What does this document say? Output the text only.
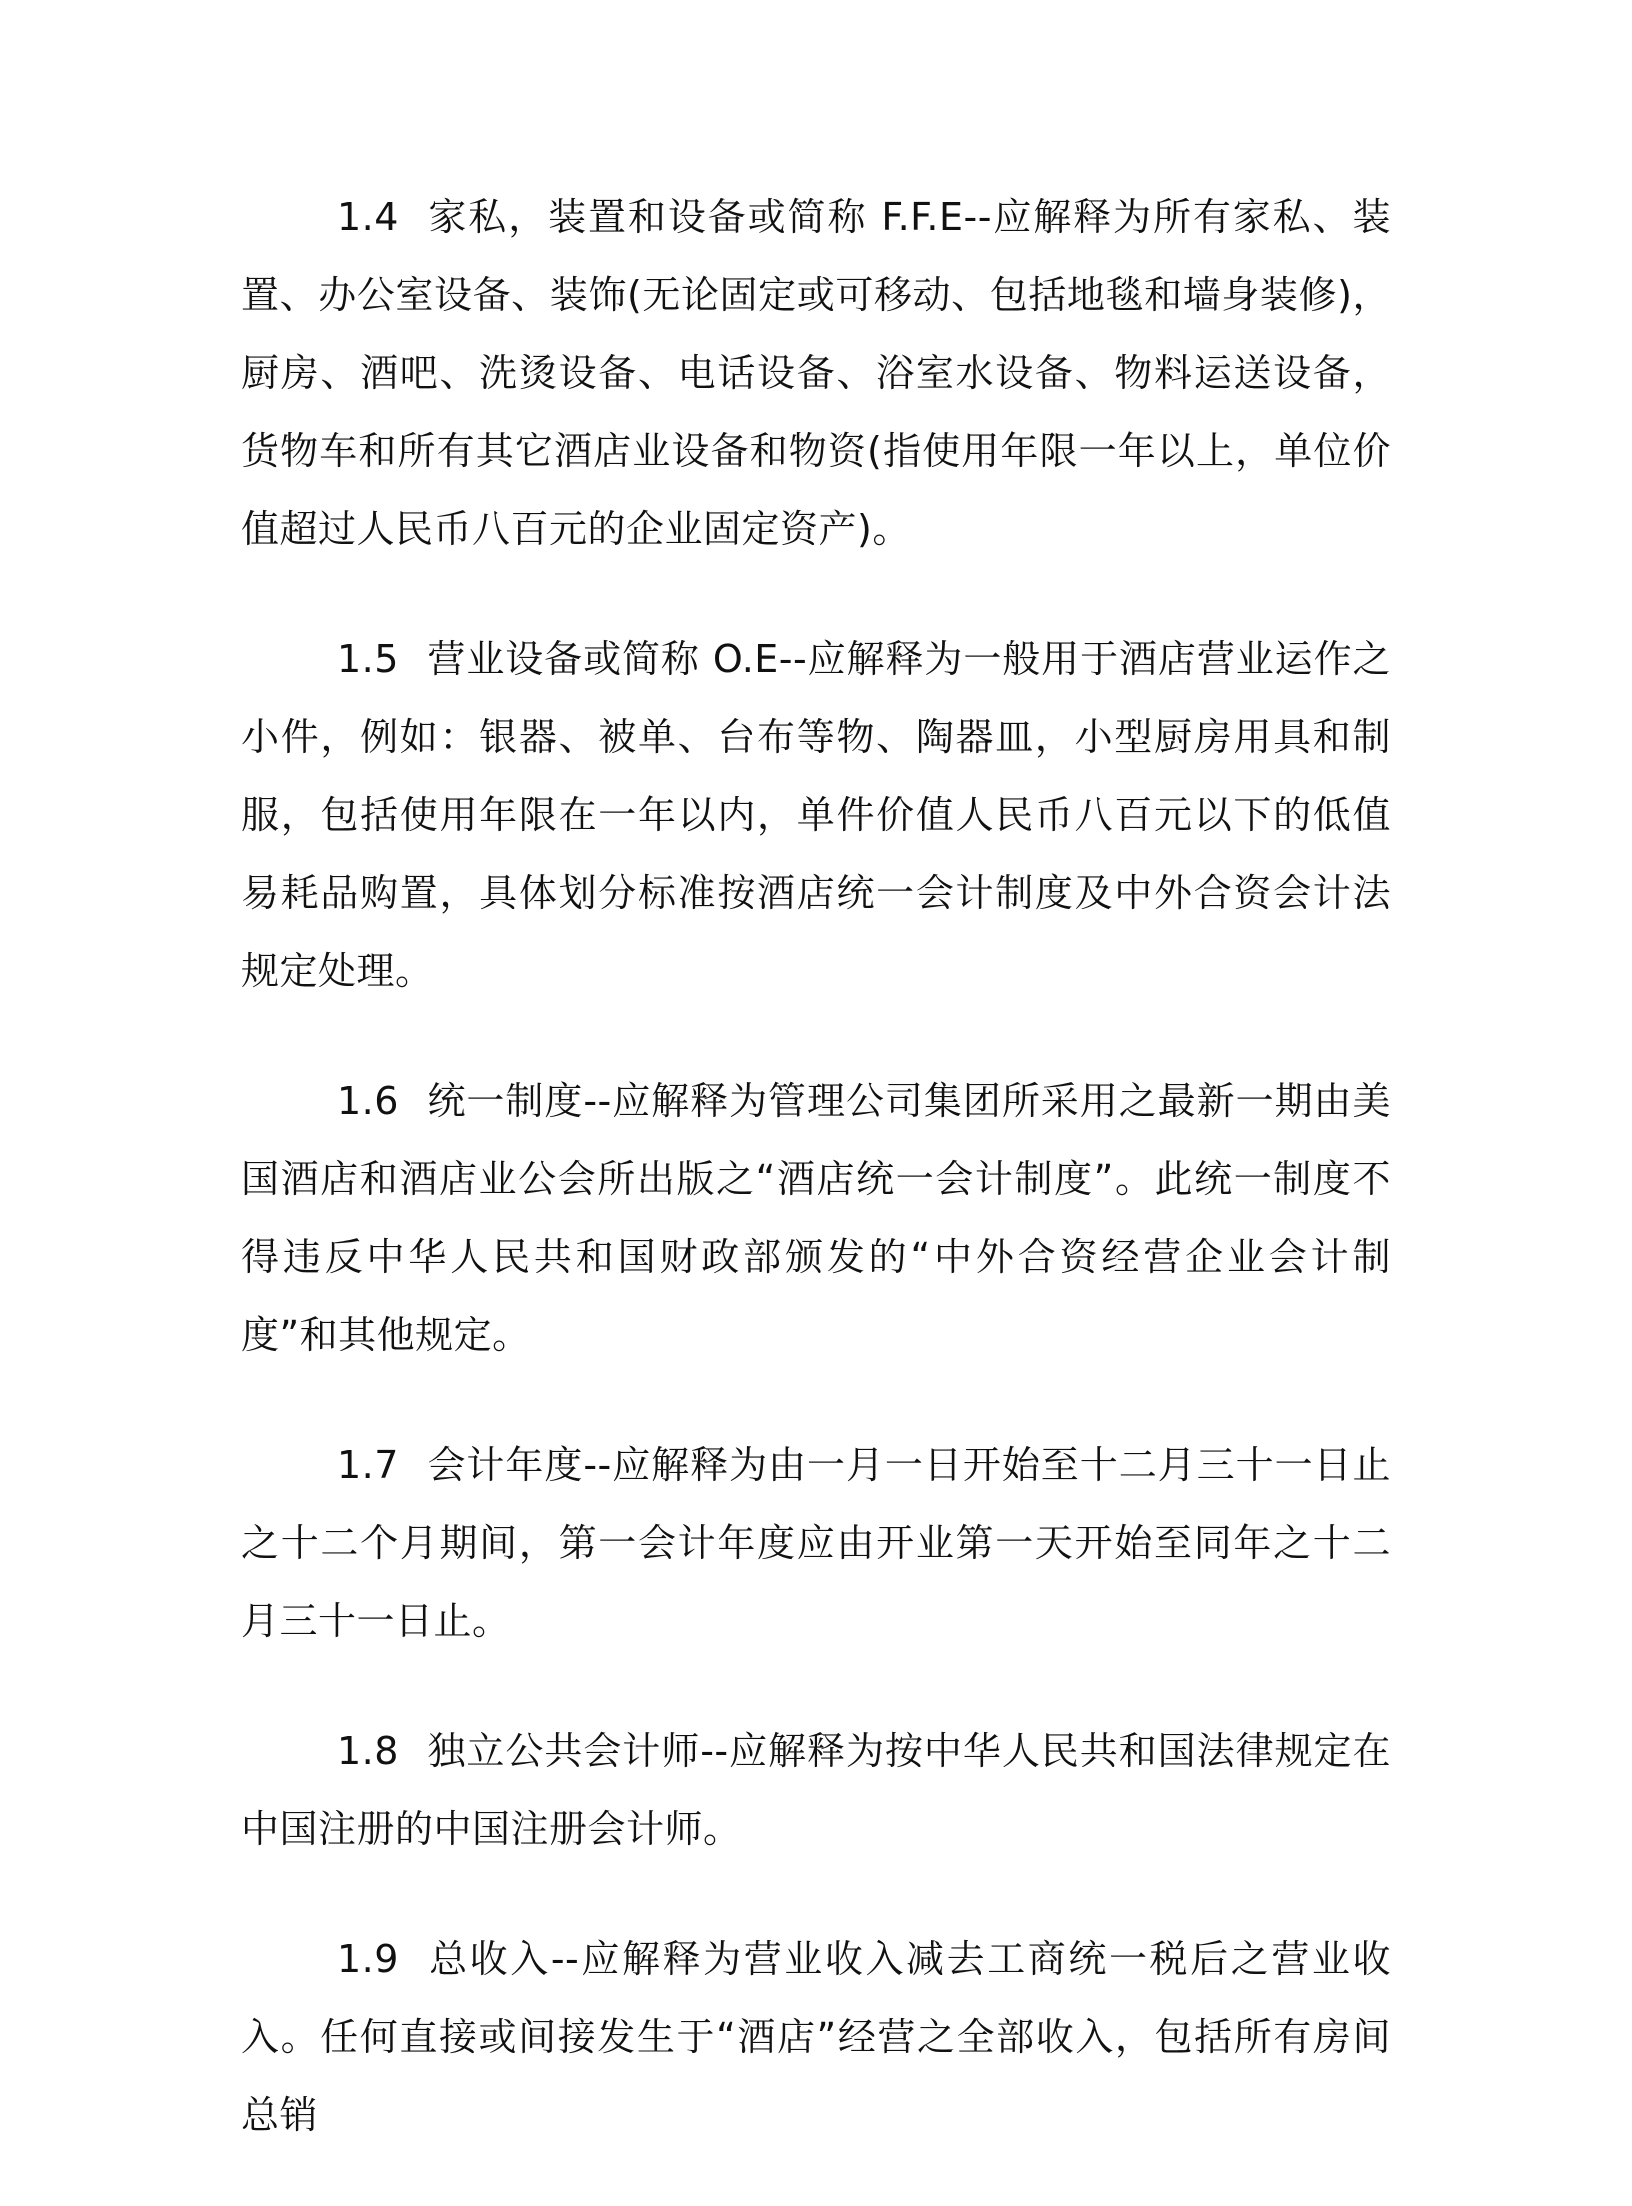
1.4 家私，装置和设备或简称 F.F.E--应解释为所有家私、装置、办公室设备、装饰(无论固定或可移动、包括地毯和墙身装修)，厨房、酒吧、洗烫设备、电话设备、浴室水设备、物料运送设备，货物车和所有其它酒店业设备和物资(指使用年限一年以上，单位价值超过人民币八百元的企业固定资产)。

1.5 营业设备或简称 O.E--应解释为一般用于酒店营业运作之小件，例如：银器、被单、台布等物、陶器皿，小型厨房用具和制服，包括使用年限在一年以内，单件价值人民币八百元以下的低值易耗品购置，具体划分标准按酒店统一会计制度及中外合资会计法规定处理。

1.6 统一制度--应解释为管理公司集团所采用之最新一期由美国酒店和酒店业公会所出版之“酒店统一会计制度”。此统一制度不得违反中华人民共和国财政部颁发的“中外合资经营企业会计制度”和其他规定。

1.7 会计年度--应解释为由一月一日开始至十二月三十一日止之十二个月期间，第一会计年度应由开业第一天开始至同年之十二月三十一日止。

1.8 独立公共会计师--应解释为按中华人民共和国法律规定在中国注册的中国注册会计师。

1.9 总收入--应解释为营业收入减去工商统一税后之营业收入。任何直接或间接发生于“酒店”经营之全部收入，包括所有房间总销
